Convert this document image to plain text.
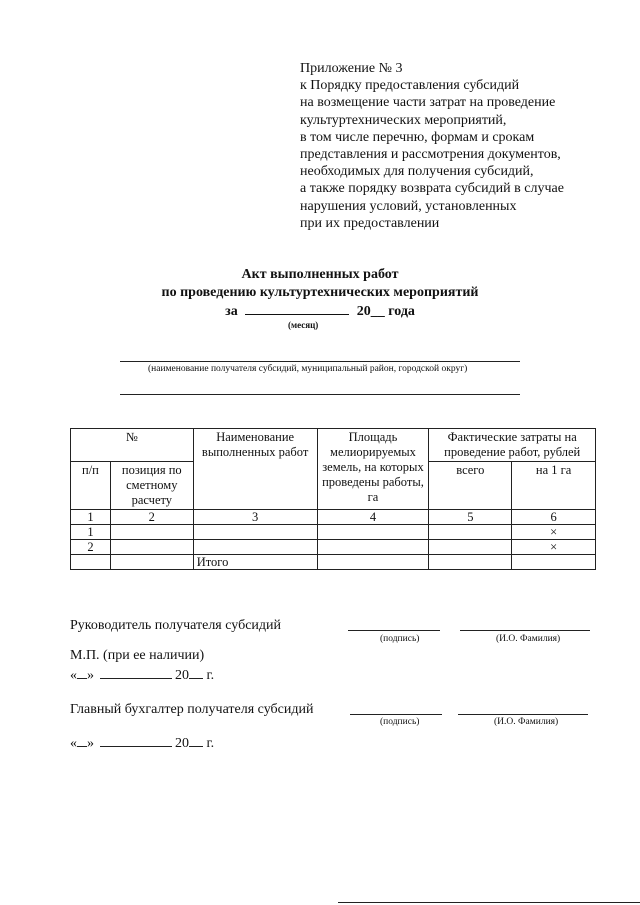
Приложение № 3
к Порядку предоставления субсидий
на возмещение части затрат на проведение
культуртехнических мероприятий,
в том числе перечню, формам и срокам
представления и рассмотрения документов,
необходимых для получения субсидий,
а также порядку возврата субсидий в случае
нарушения условий, установленных
при их предоставлении
Акт выполненных работ
по проведению культуртехнических мероприятий
за	20__ года
(месяц)
(наименование получателя субсидий, муниципальный район, городской округ)
№		Наименование выполненных работ	Площадь мелиорируемых земель, на которых проведены работы, га	Фактические затраты на проведение работ, рублей	
п/п	позиция по сметному расчету			всего	на 1 га
1	2	3	4	5	6
1					×
2					×
		Итого			
Руководитель получателя субсидий
(подпись)	(И.О. Фамилия)
М.П. (при ее наличии)
« »	20 г.
Главный бухгалтер получателя субсидий
(подпись)	(И.О. Фамилия)
« »	20 г.
